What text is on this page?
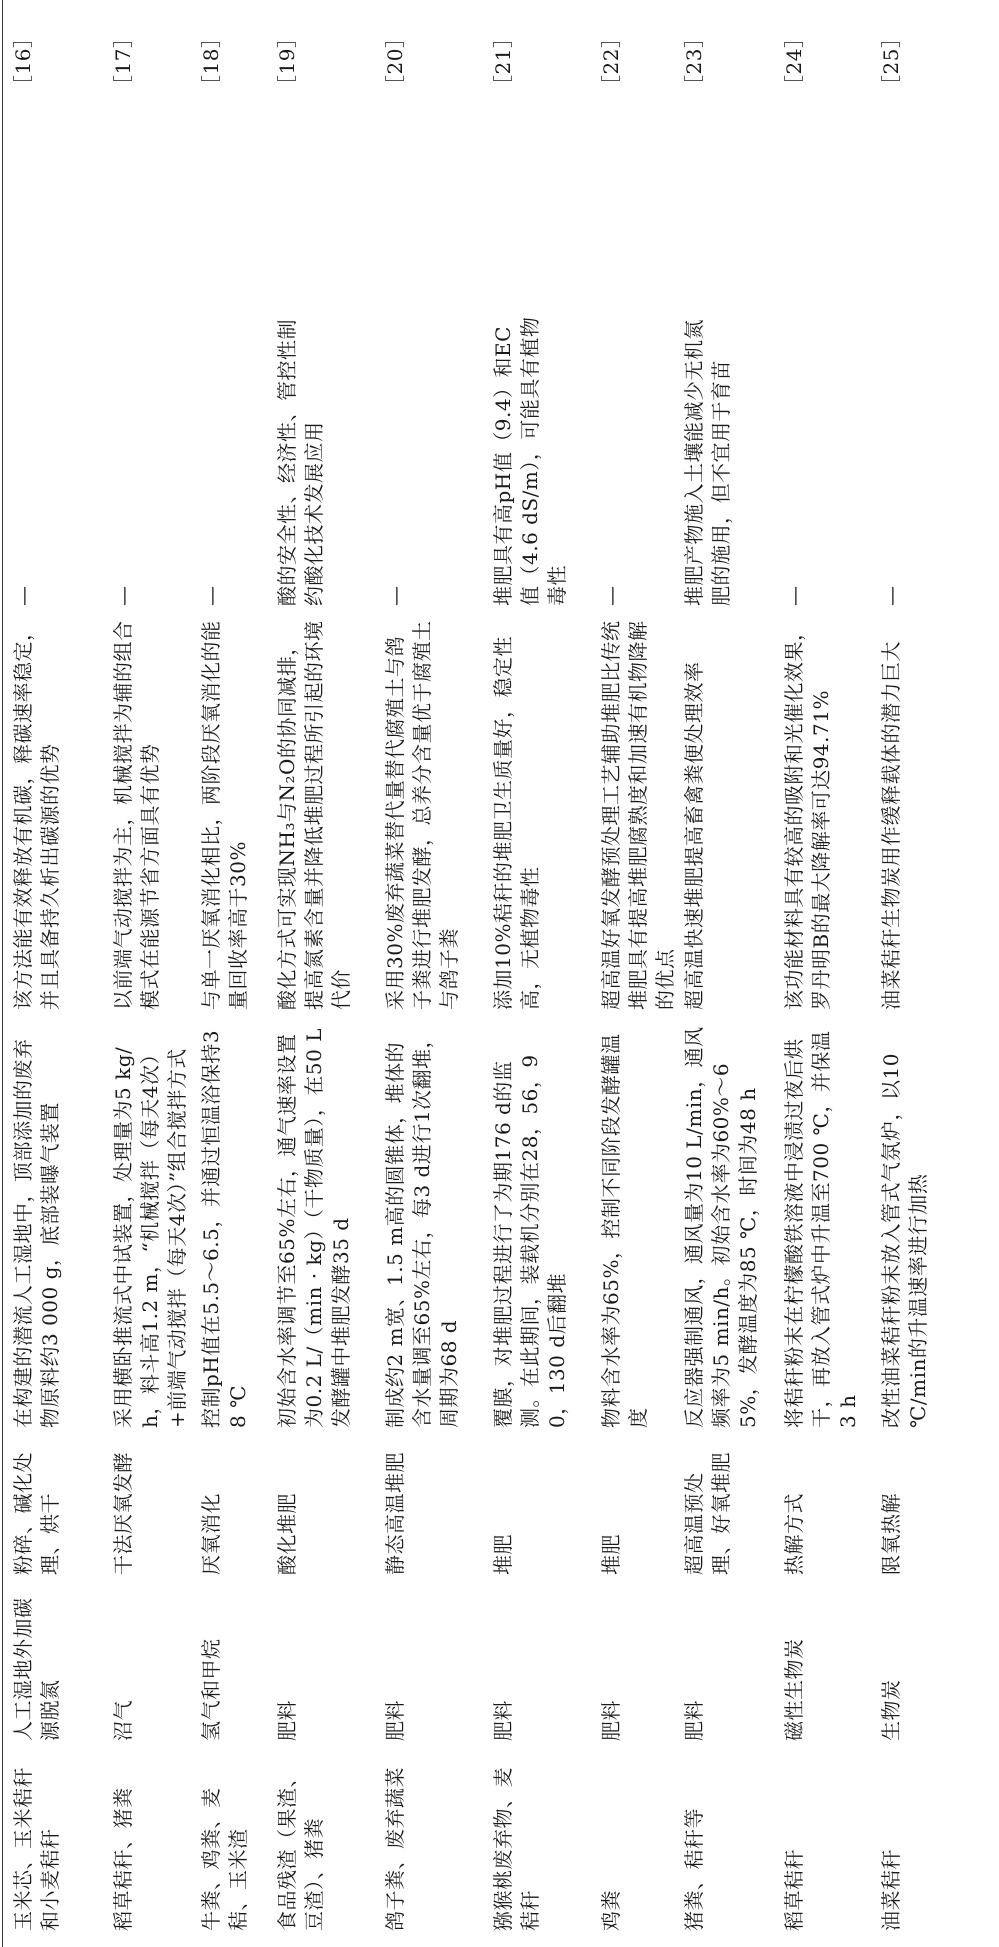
玉米芯、玉米秸秆和小麦秸秆
人工湿地外加碳源脱氮
粉碎、碱化处理、烘干
在构建的潜流人工湿地中，顶部添加的废弃物原料约3 000 g，底部装曝气装置
该方法能有效释放有机碳，释碳速率稳定，并且具备持久析出碳源的优势
—
［16］
稻草秸秆、猪粪
沼气
干法厌氧发酵
采用横卧推流式中试装置，处理量为5 kg/h，料斗高1.2 m，“机械搅拌（每天4次）+前端气动搅拌（每天4次）”组合搅拌方式
以前端气动搅拌为主，机械搅拌为辅的组合模式在能源节省方面具有优势
—
［17］
牛粪、鸡粪、麦秸、玉米渣
氢气和甲烷
厌氧消化
控制pH值在5.5～6.5，并通过恒温浴保持38 ℃
与单一厌氧消化相比，两阶段厌氧消化的能量回收率高于30%
—
［18］
食品残渣（果渣、豆渣）、猪粪
肥料
酸化堆肥
初始含水率调节至65%左右，通气速率设置为0.2 L/（min · kg）（干物质量），在50 L发酵罐中堆肥发酵35 d
酸化方式可实现NH₃与N₂O的协同减排，提高氮素含量并降低堆肥过程所引起的环境代价
酸的安全性、经济性、管控性制约酸化技术发展应用
［19］
鸽子粪、废弃蔬菜
肥料
静态高温堆肥
制成约2 m宽、1.5 m高的圆锥体，堆体的含水量调至65%左右，每3 d进行1次翻堆，周期为68 d
采用30%废弃蔬菜替代量替代腐殖土与鸽子粪进行堆肥发酵，总养分含量优于腐殖土与鸽子粪
—
［20］
猕猴桃废弃物、麦秸秆
肥料
堆肥
覆膜，对堆肥过程进行了为期176 d的监测。在此期间，装载机分别在28，56，90，130 d后翻堆
添加10%秸秆的堆肥卫生质量好，稳定性高，无植物毒性
堆肥具有高pH值（9.4）和EC值（4.6 dS/m），可能具有植物毒性
［21］
鸡粪
肥料
堆肥
物料含水率为65%，控制不同阶段发酵罐温度
超高温好氧发酵预处理工艺辅助堆肥比传统堆肥具有提高堆肥腐熟度和加速有机物降解的优点
—
［22］
猪粪、秸秆等
肥料
超高温预处理、好氧堆肥
反应器强制通风，通风量为10 L/min，通风频率为5 min/h。初始含水率为60%～65%，发酵温度为85 ℃，时间为48 h
超高温快速堆肥提高畜禽粪便处理效率
堆肥产物施入土壤能减少无机氮肥的施用，但不宜用于育苗
［23］
稻草秸秆
磁性生物炭
热解方式
将秸秆粉末在柠檬酸铁溶液中浸渍过夜后烘干，再放入管式炉中升温至700 ℃，并保温3 h
该功能材料具有较高的吸附和光催化效果，罗丹明B的最大降解率可达94.71%
—
［24］
油菜秸秆
生物炭
限氧热解
改性油菜秸秆粉末放入管式气氛炉，以10 ℃/min的升温速率进行加热
油菜秸秆生物炭用作缓释载体的潜力巨大
—
［25］
